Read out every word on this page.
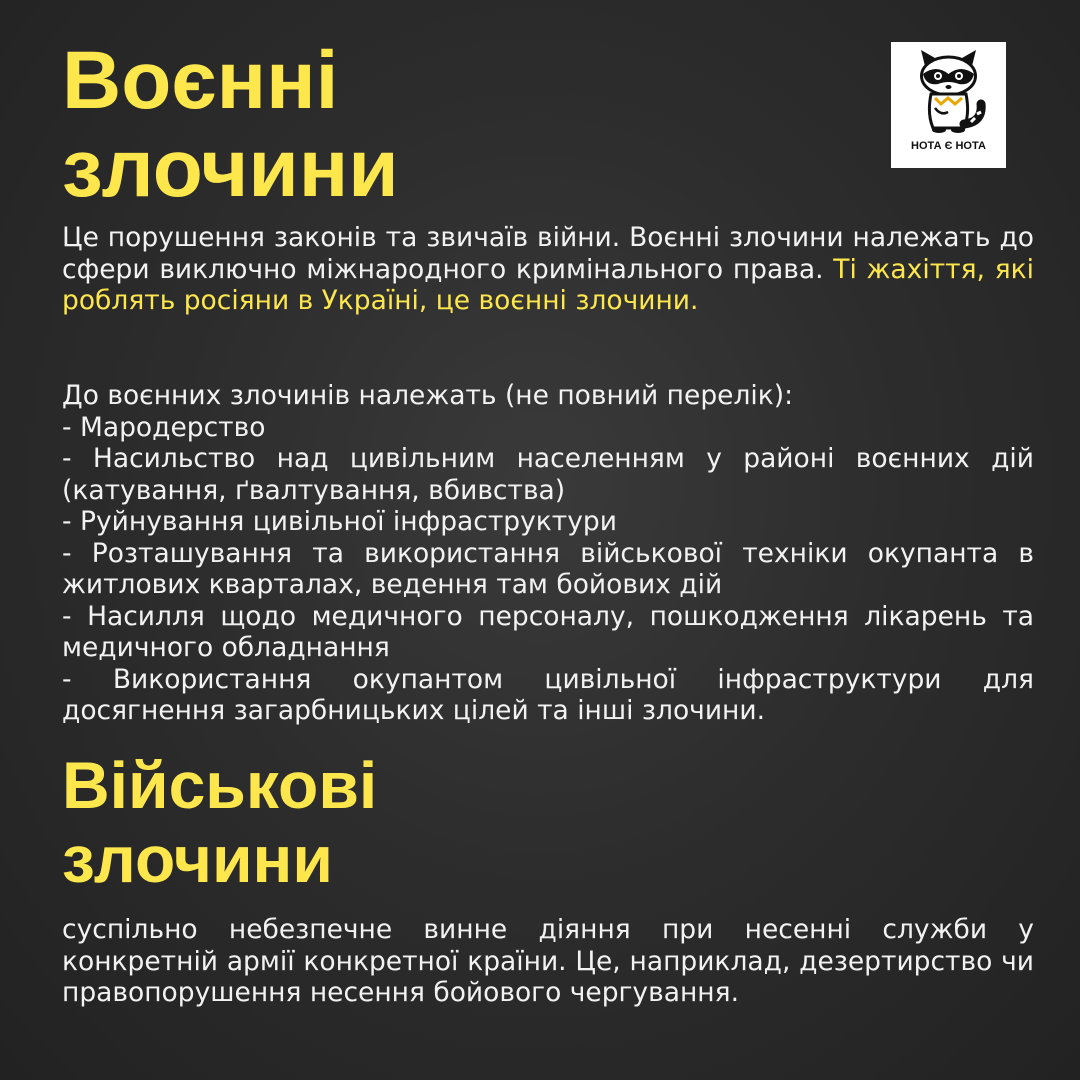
Воєнні
злочини	НОТА Є НОТА

Це порушення законів та звичаїв війни. Воєнні злочини належать до сфери виключно міжнародного кримінального права. Ті жахіття, які роблять росіяни в Україні, це воєнні злочини.

До воєнних злочинів належать (не повний перелік):
- Мародерство
- Насильство над цивільним населенням у районі воєнних дій (катування, ґвалтування, вбивства)
- Руйнування цивільної інфраструктури
- Розташування та використання військової техніки окупанта в житлових кварталах, ведення там бойових дій
- Насилля щодо медичного персоналу, пошкодження лікарень та медичного обладнання
- Використання окупантом цивільної інфраструктури для досягнення загарбницьких цілей та інші злочини.
Військові
злочини

суспільно небезпечне винне діяння при несенні служби у конкретній армії конкретної країни. Це, наприклад, дезертирство чи правопорушення несення бойового чергування.
